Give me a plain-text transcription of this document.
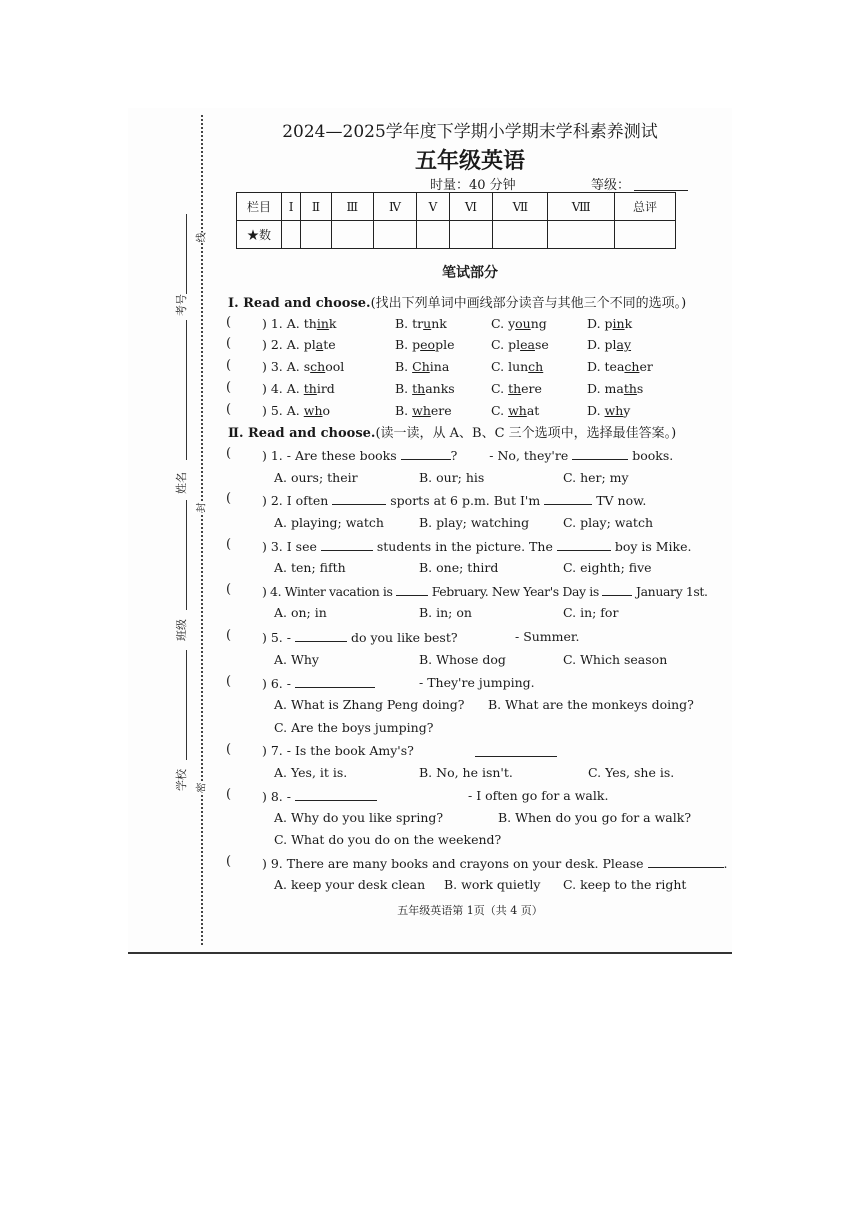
考号
姓名
班级
学校
线
封
密
2024—2025学年度下学期小学期末学科素养测试
五年级英语
时量：40 分钟	等级：
栏目	Ⅰ	Ⅱ	Ⅲ	Ⅳ	Ⅴ	Ⅵ	Ⅶ	Ⅷ	总评
★数									
笔试部分
Ⅰ. Read and choose.(找出下列单词中画线部分读音与其他三个不同的选项。)
( ) 1. A. think	B. trunk	C. young	D. pink
( ) 2. A. plate	B. people	C. please	D. play
( ) 3. A. school	B. China	C. lunch	D. teacher
( ) 4. A. third	B. thanks	C. there	D. maths
( ) 5. A. who	B. where	C. what	D. why
Ⅱ. Read and choose.(读一读，从 A、B、C 三个选项中，选择最佳答案。)
( ) 1. - Are these books	?	- No, they're	books.
A. ours; their	B. our; his	C. her; my
( ) 2. I often	sports at 6 p.m. But I'm	TV now.
A. playing; watch	B. play; watching	C. play; watch
( ) 3. I see	students in the picture. The	boy is Mike.
A. ten; fifth	B. one; third	C. eighth; five
( ) 4. Winter vacation is	February. New Year's Day is	January 1st.
A. on; in	B. in; on	C. in; for
( ) 5. -	do you like best?	- Summer.
A. Why	B. Whose dog	C. Which season
( ) 6. -	- They're jumping.
A. What is Zhang Peng doing? B. What are the monkeys doing?
C. Are the boys jumping?
( ) 7. - Is the book Amy's?
A. Yes, it is.	B. No, he isn't.	C. Yes, she is.
( ) 8. -	- I often go for a walk.
A. Why do you like spring?	B. When do you go for a walk?
C. What do you do on the weekend?
( ) 9. There are many books and crayons on your desk. Please	.
A. keep your desk clean B. work quietly C. keep to the right
五年级英语第 1页（共 4 页）
